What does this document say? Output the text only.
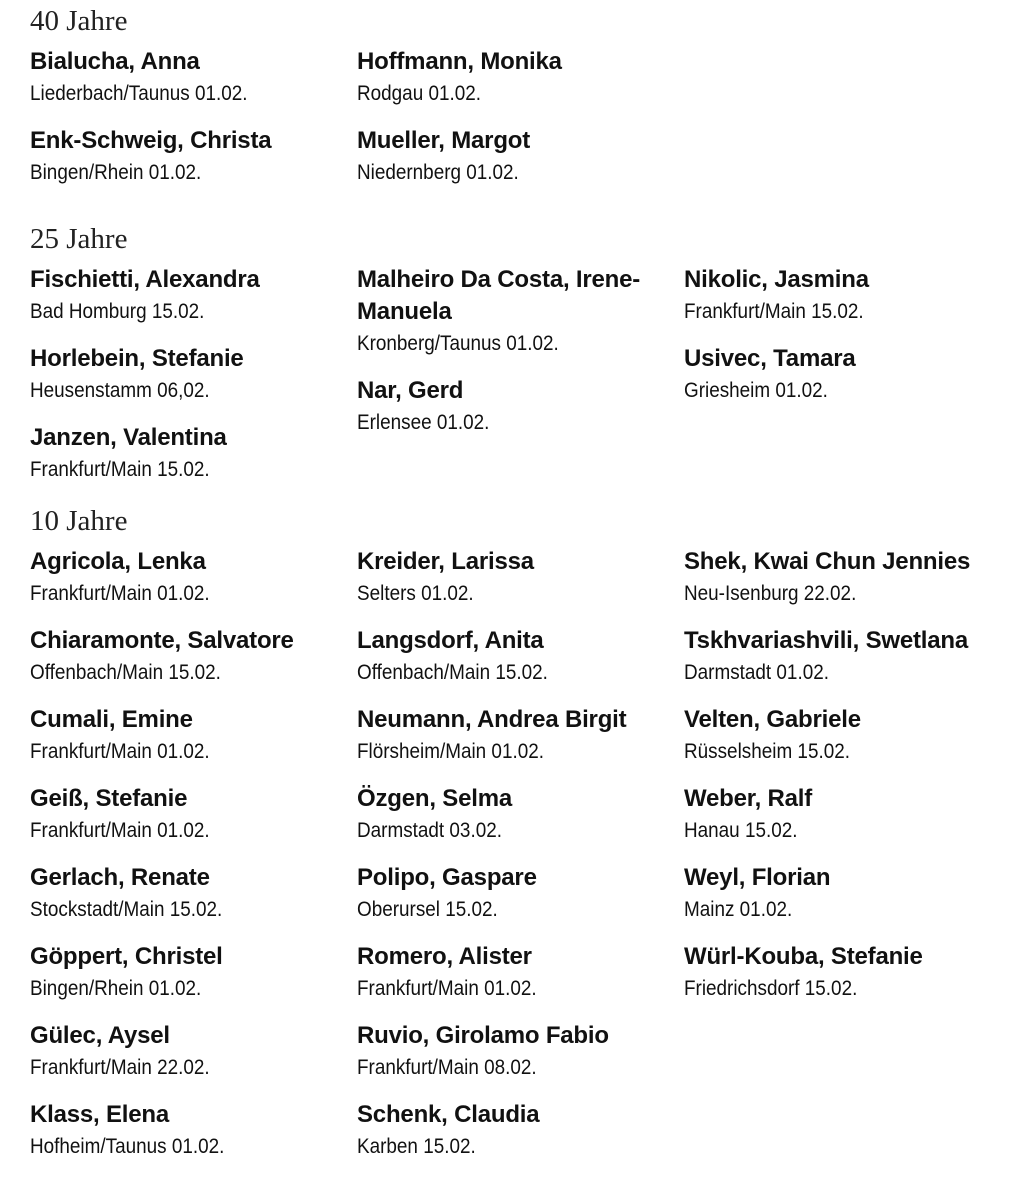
40 Jahre
Bialucha, Anna
Liederbach/Taunus 01.02.
Enk-Schweig, Christa
Bingen/Rhein 01.02.
Hoffmann, Monika
Rodgau 01.02.
Mueller, Margot
Niedernberg 01.02.
25 Jahre
Fischietti, Alexandra
Bad Homburg 15.02.
Horlebein, Stefanie
Heusenstamm 06,02.
Janzen, Valentina
Frankfurt/Main 15.02.
Malheiro Da Costa, Irene-Manuela
Kronberg/Taunus 01.02.
Nar, Gerd
Erlensee 01.02.
Nikolic, Jasmina
Frankfurt/Main 15.02.
Usivec, Tamara
Griesheim 01.02.
10 Jahre
Agricola, Lenka
Frankfurt/Main 01.02.
Chiaramonte, Salvatore
Offenbach/Main 15.02.
Cumali, Emine
Frankfurt/Main 01.02.
Geiß, Stefanie
Frankfurt/Main 01.02.
Gerlach, Renate
Stockstadt/Main 15.02.
Göppert, Christel
Bingen/Rhein 01.02.
Gülec, Aysel
Frankfurt/Main 22.02.
Klass, Elena
Hofheim/Taunus 01.02.
Kreider, Larissa
Selters 01.02.
Langsdorf, Anita
Offenbach/Main 15.02.
Neumann, Andrea Birgit
Flörsheim/Main 01.02.
Özgen, Selma
Darmstadt 03.02.
Polipo, Gaspare
Oberursel 15.02.
Romero, Alister
Frankfurt/Main 01.02.
Ruvio, Girolamo Fabio
Frankfurt/Main 08.02.
Schenk, Claudia
Karben 15.02.
Shek, Kwai Chun Jennies
Neu-Isenburg 22.02.
Tskhvariashvili, Swetlana
Darmstadt 01.02.
Velten, Gabriele
Rüsselsheim 15.02.
Weber, Ralf
Hanau 15.02.
Weyl, Florian
Mainz 01.02.
Würl-Kouba, Stefanie
Friedrichsdorf 15.02.
